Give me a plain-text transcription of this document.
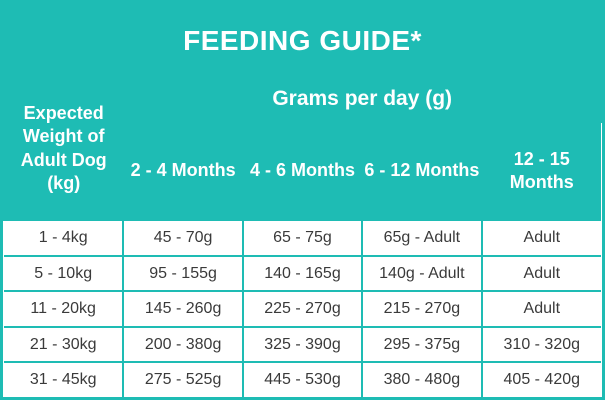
FEEDING GUIDE*				
Expected Weight of Adult Dog (kg)	Grams per day (g)			
	2 - 4 Months	4 - 6 Months	6 - 12 Months	12 - 15 Months
1 - 4kg	45 - 70g	65 - 75g	65g - Adult	Adult
5 - 10kg	95 - 155g	140 - 165g	140g - Adult	Adult
11 - 20kg	145 - 260g	225 - 270g	215 - 270g	Adult
21 - 30kg	200 - 380g	325 - 390g	295 - 375g	310 - 320g
31 - 45kg	275 - 525g	445 - 530g	380 - 480g	405 - 420g
